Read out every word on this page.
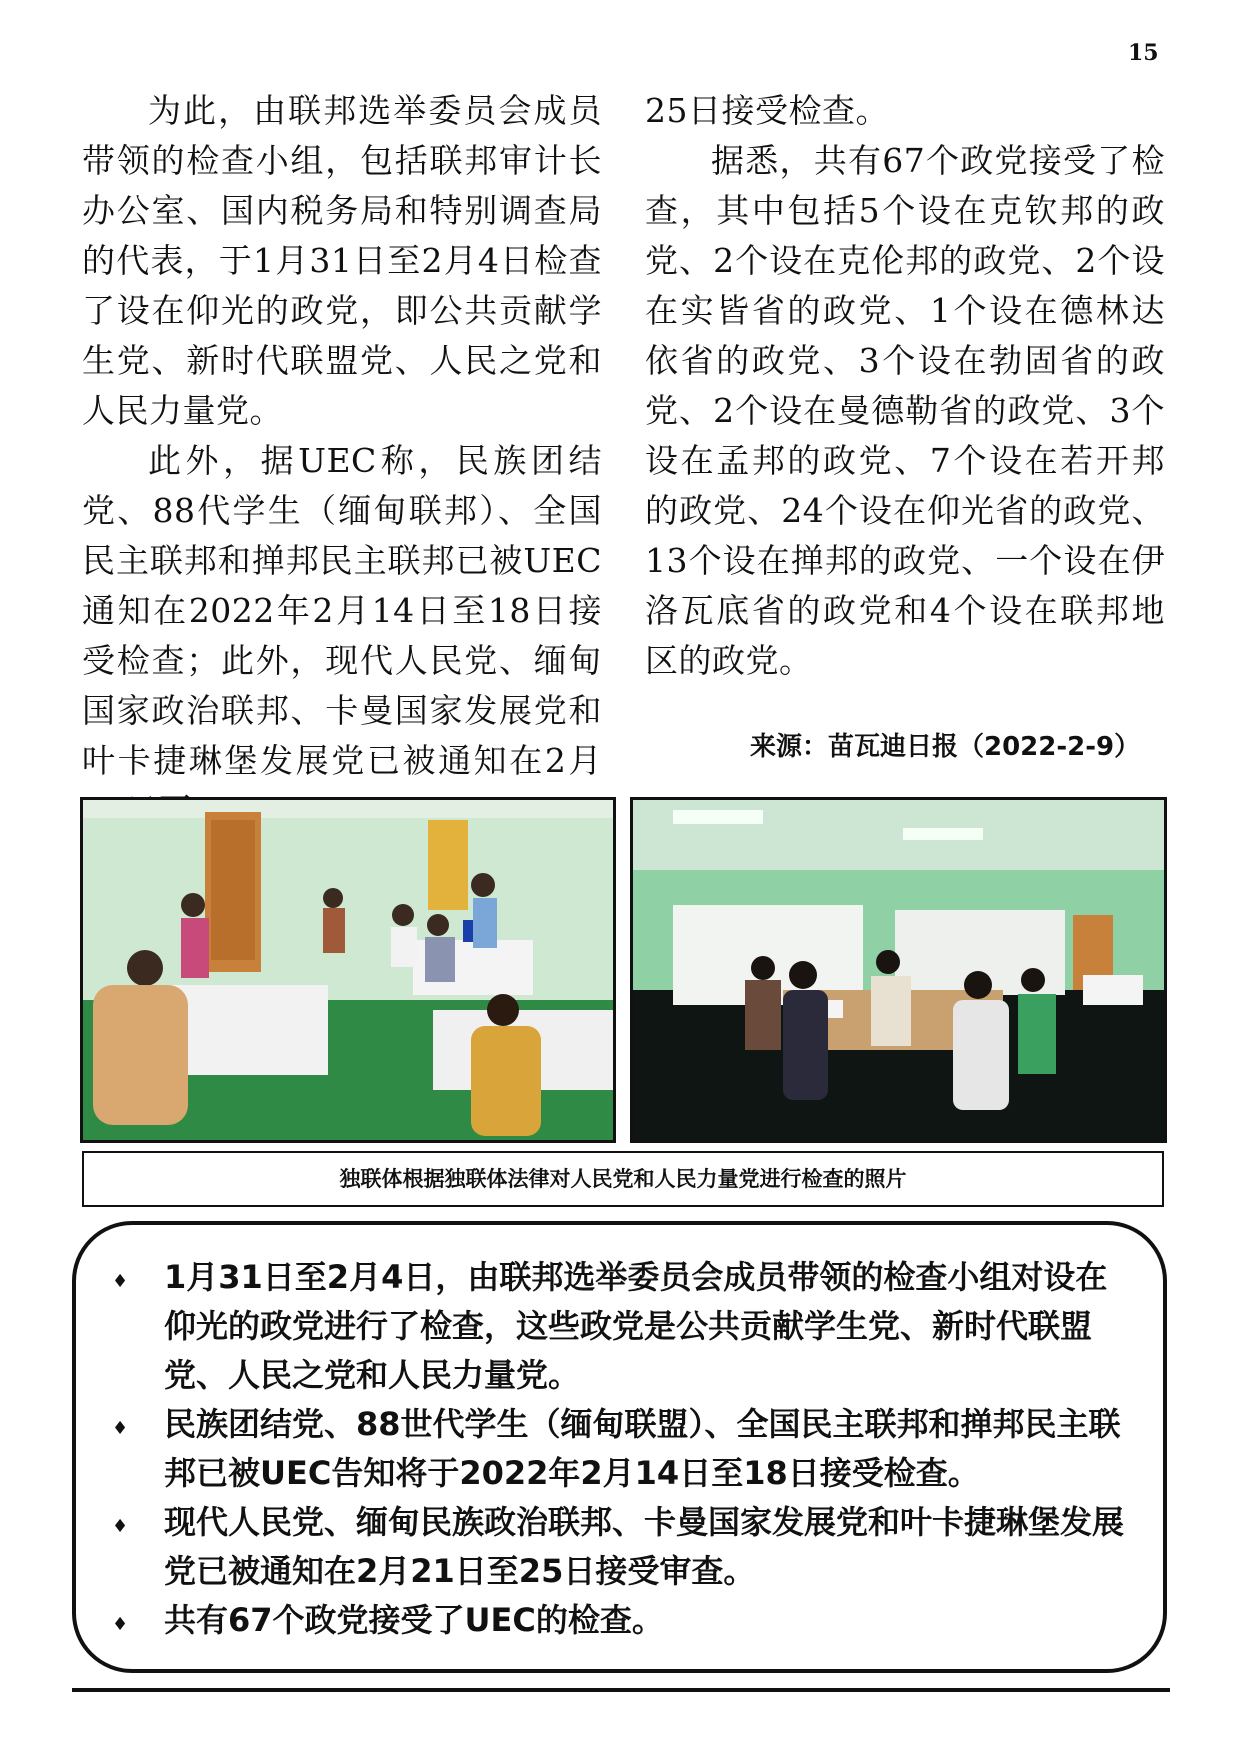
15

为此，由联邦选举委员会成员带领的检查小组，包括联邦审计长办公室、国内税务局和特别调查局的代表，于1月31日至2月4日检查了设在仰光的政党，即公共贡献学生党、新时代联盟党、人民之党和人民力量党。

此外，据UEC称，民族团结党、88代学生（缅甸联邦）、全国民主联邦和掸邦民主联邦已被UEC通知在2022年2月14日至18日接受检查；此外，现代人民党、缅甸国家政治联邦、卡曼国家发展党和叶卡捷琳堡发展党已被通知在2月

25日接受检查。

据悉，共有67个政党接受了检查，其中包括5个设在克钦邦的政党、2个设在克伦邦的政党、2个设在实皆省的政党、1个设在德林达依省的政党、3个设在勃固省的政党、2个设在曼德勒省的政党、3个设在孟邦的政党、7个设在若开邦的政党、24个设在仰光省的政党、13个设在掸邦的政党、一个设在伊洛瓦底省的政党和4个设在联邦地区的政党。

来源：苗瓦迪日报（2022-2-9）
独联体根据独联体法律对人民党和人民力量党进行检查的照片
♦ 1月31日至2月4日，由联邦选举委员会成员带领的检查小组对设在仰光的政党进行了检查，这些政党是公共贡献学生党、新时代联盟党、人民之党和人民力量党。
♦ 民族团结党、88世代学生（缅甸联盟）、全国民主联邦和掸邦民主联邦已被UEC告知将于2022年2月14日至18日接受检查。
♦ 现代人民党、缅甸民族政治联邦、卡曼国家发展党和叶卡捷琳堡发展党已被通知在2月21日至25日接受审查。
♦ 共有67个政党接受了UEC的检查。
